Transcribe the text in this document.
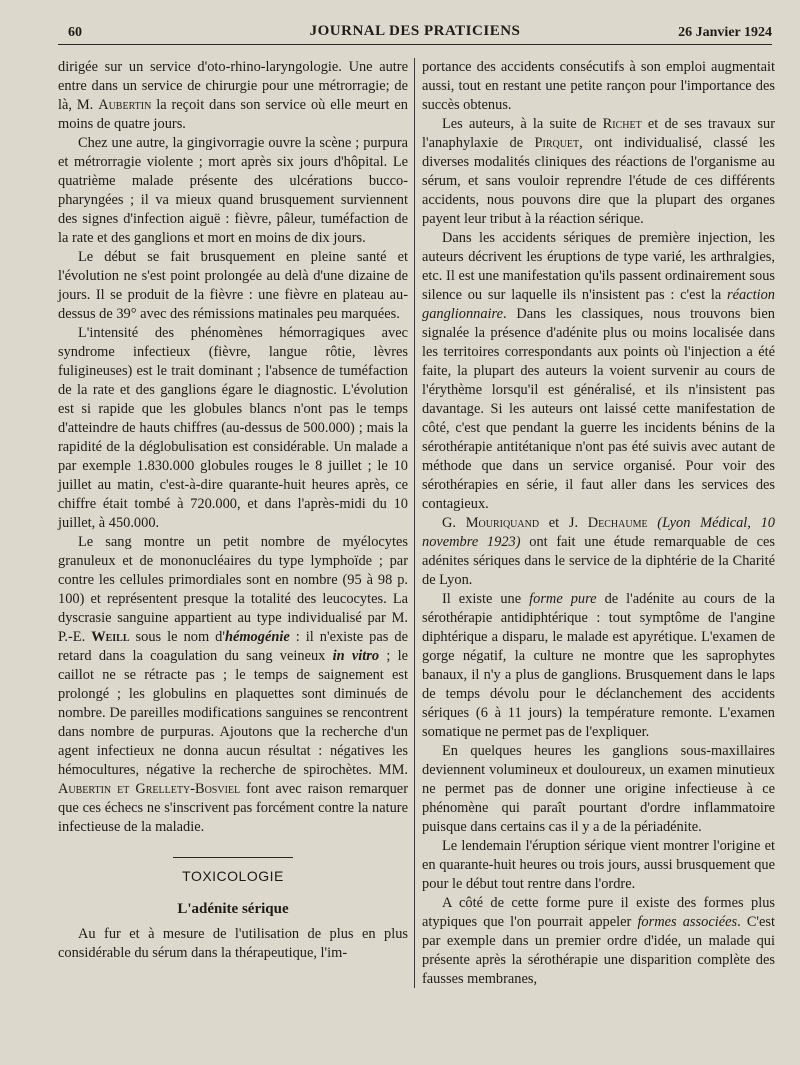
60	JOURNAL DES PRATICIENS	26 Janvier 1924

dirigée sur un service d'oto-rhino-laryngologie. Une autre entre dans un service de chirurgie pour une métrorragie; de là, M. Aubertin la reçoit dans son service où elle meurt en moins de quatre jours.

Chez une autre, la gingivorragie ouvre la scène ; purpura et métrorragie violente ; mort après six jours d'hôpital. Le quatrième malade présente des ulcérations bucco-pharyngées ; il va mieux quand brusquement surviennent des signes d'infection aiguë : fièvre, pâleur, tuméfaction de la rate et des ganglions et mort en moins de dix jours.

Le début se fait brusquement en pleine santé et l'évolution ne s'est point prolongée au delà d'une dizaine de jours. Il se produit de la fièvre : une fièvre en plateau au-dessus de 39° avec des rémissions matinales peu marquées.

L'intensité des phénomènes hémorragiques avec syndrome infectieux (fièvre, langue rôtie, lèvres fuligineuses) est le trait dominant ; l'absence de tuméfaction de la rate et des ganglions égare le diagnostic. L'évolution est si rapide que les globules blancs n'ont pas le temps d'atteindre de hauts chiffres (au-dessus de 500.000) ; mais la rapidité de la déglobulisation est considérable. Un malade a par exemple 1.830.000 globules rouges le 8 juillet ; le 10 juillet au matin, c'est-à-dire quarante-huit heures après, ce chiffre était tombé à 720.000, et dans l'après-midi du 10 juillet, à 450.000.

Le sang montre un petit nombre de myélocytes granuleux et de mononucléaires du type lymphoïde ; par contre les cellules primordiales sont en nombre (95 à 98 p. 100) et représentent presque la totalité des leucocytes. La dyscrasie sanguine appartient au type individualisé par M. P.-E. Weill sous le nom d'hémogénie : il n'existe pas de retard dans la coagulation du sang veineux in vitro ; le caillot ne se rétracte pas ; le temps de saignement est prolongé ; les globulins en plaquettes sont diminués de nombre. De pareilles modifications sanguines se rencontrent dans nombre de purpuras. Ajoutons que la recherche d'un agent infectieux ne donna aucun résultat : négatives les hémocultures, négative la recherche de spirochètes. MM. Aubertin et Grellety-Bosviel font avec raison remarquer que ces échecs ne s'inscrivent pas forcément contre la nature infectieuse de la maladie.

TOXICOLOGIE
L'adénite sérique

Au fur et à mesure de l'utilisation de plus en plus considérable du sérum dans la thérapeutique, l'im-

portance des accidents consécutifs à son emploi augmentait aussi, tout en restant une petite rançon pour l'importance des succès obtenus.

Les auteurs, à la suite de Richet et de ses travaux sur l'anaphylaxie de Pirquet, ont individualisé, classé les diverses modalités cliniques des réactions de l'organisme au sérum, et sans vouloir reprendre l'étude de ces différents accidents, nous pouvons dire que la plupart des organes payent leur tribut à la réaction sérique.

Dans les accidents sériques de première injection, les auteurs décrivent les éruptions de type varié, les arthralgies, etc. Il est une manifestation qu'ils passent ordinairement sous silence ou sur laquelle ils n'insistent pas : c'est la réaction ganglionnaire. Dans les classiques, nous trouvons bien signalée la présence d'adénite plus ou moins localisée dans les territoires correspondants aux points où l'injection a été faite, la plupart des auteurs la voient survenir au cours de l'érythème lorsqu'il est généralisé, et ils n'insistent pas davantage. Si les auteurs ont laissé cette manifestation de côté, c'est que pendant la guerre les incidents bénins de la sérothérapie antitétanique n'ont pas été suivis avec autant de méthode que dans un service organisé. Pour voir des sérothérapies en série, il faut aller dans les services des contagieux.

G. Mouriquand et J. Dechaume (Lyon Médical, 10 novembre 1923) ont fait une étude remarquable de ces adénites sériques dans le service de la diphtérie de la Charité de Lyon.

Il existe une forme pure de l'adénite au cours de la sérothérapie antidiphtérique : tout symptôme de l'angine diphtérique a disparu, le malade est apyrétique. L'examen de gorge négatif, la culture ne montre que les saprophytes banaux, il n'y a plus de ganglions. Brusquement dans le laps de temps dévolu pour le déclanchement des accidents sériques (6 à 11 jours) la température remonte. L'examen somatique ne permet pas de l'expliquer.

En quelques heures les ganglions sous-maxillaires deviennent volumineux et douloureux, un examen minutieux ne permet pas de donner une origine infectieuse à ce phénomène qui paraît pourtant d'ordre inflammatoire puisque dans certains cas il y a de la périadénite.

Le lendemain l'éruption sérique vient montrer l'origine et en quarante-huit heures ou trois jours, aussi brusquement que pour le début tout rentre dans l'ordre.

A côté de cette forme pure il existe des formes plus atypiques que l'on pourrait appeler formes associées. C'est par exemple dans un premier ordre d'idée, un malade qui présente après la sérothérapie une disparition complète des fausses membranes,
